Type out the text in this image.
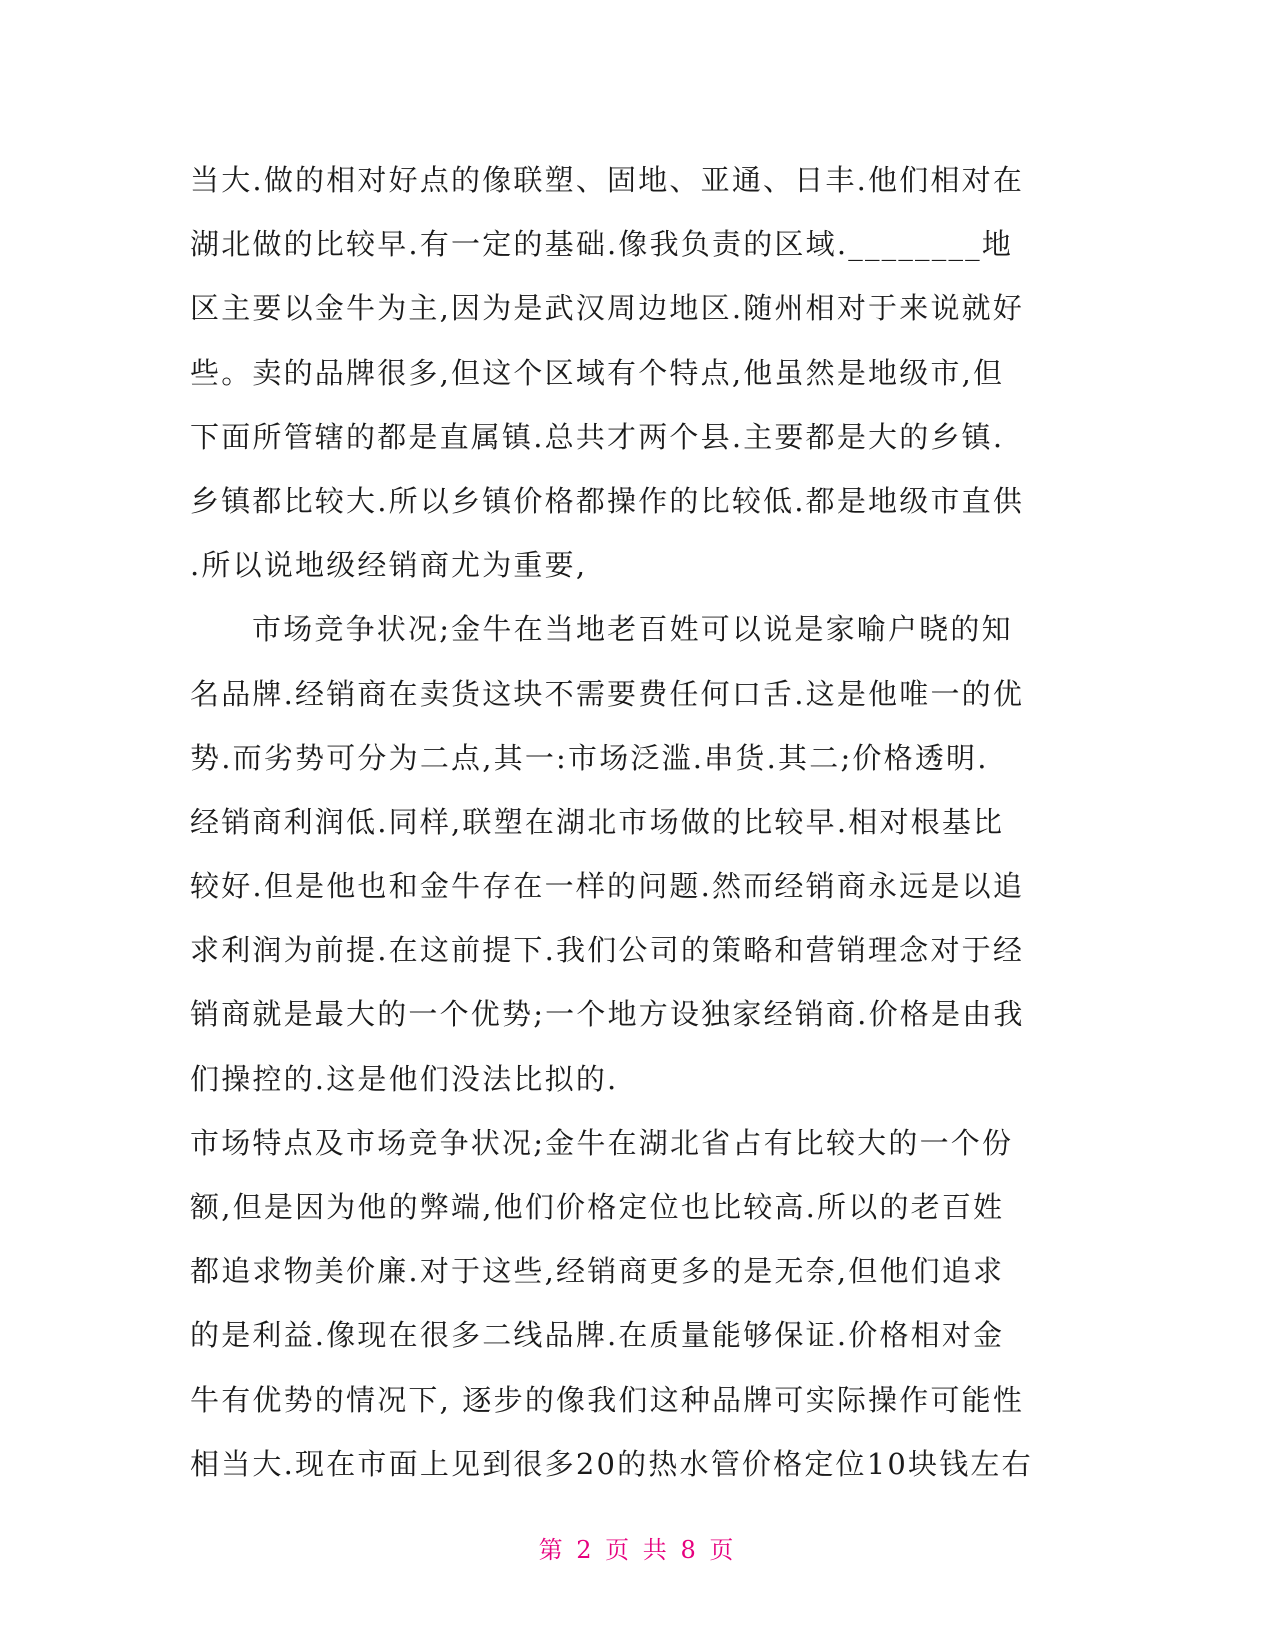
当大.做的相对好点的像联塑、固地、亚通、日丰.他们相对在
湖北做的比较早.有一定的基础.像我负责的区域.________地
区主要以金牛为主,因为是武汉周边地区.随州相对于来说就好
些。卖的品牌很多,但这个区域有个特点,他虽然是地级市,但
下面所管辖的都是直属镇.总共才两个县.主要都是大的乡镇.
乡镇都比较大.所以乡镇价格都操作的比较低.都是地级市直供
.所以说地级经销商尤为重要,
市场竞争状况;金牛在当地老百姓可以说是家喻户晓的知
名品牌.经销商在卖货这块不需要费任何口舌.这是他唯一的优
势.而劣势可分为二点,其一:市场泛滥.串货.其二;价格透明.
经销商利润低.同样,联塑在湖北市场做的比较早.相对根基比
较好.但是他也和金牛存在一样的问题.然而经销商永远是以追
求利润为前提.在这前提下.我们公司的策略和营销理念对于经
销商就是最大的一个优势;一个地方设独家经销商.价格是由我
们操控的.这是他们没法比拟的.
市场特点及市场竞争状况;金牛在湖北省占有比较大的一个份
额,但是因为他的弊端,他们价格定位也比较高.所以的老百姓
都追求物美价廉.对于这些,经销商更多的是无奈,但他们追求
的是利益.像现在很多二线品牌.在质量能够保证.价格相对金
牛有优势的情况下, 逐步的像我们这种品牌可实际操作可能性
相当大.现在市面上见到很多20的热水管价格定位10块钱左右
第 2 页 共 8 页
